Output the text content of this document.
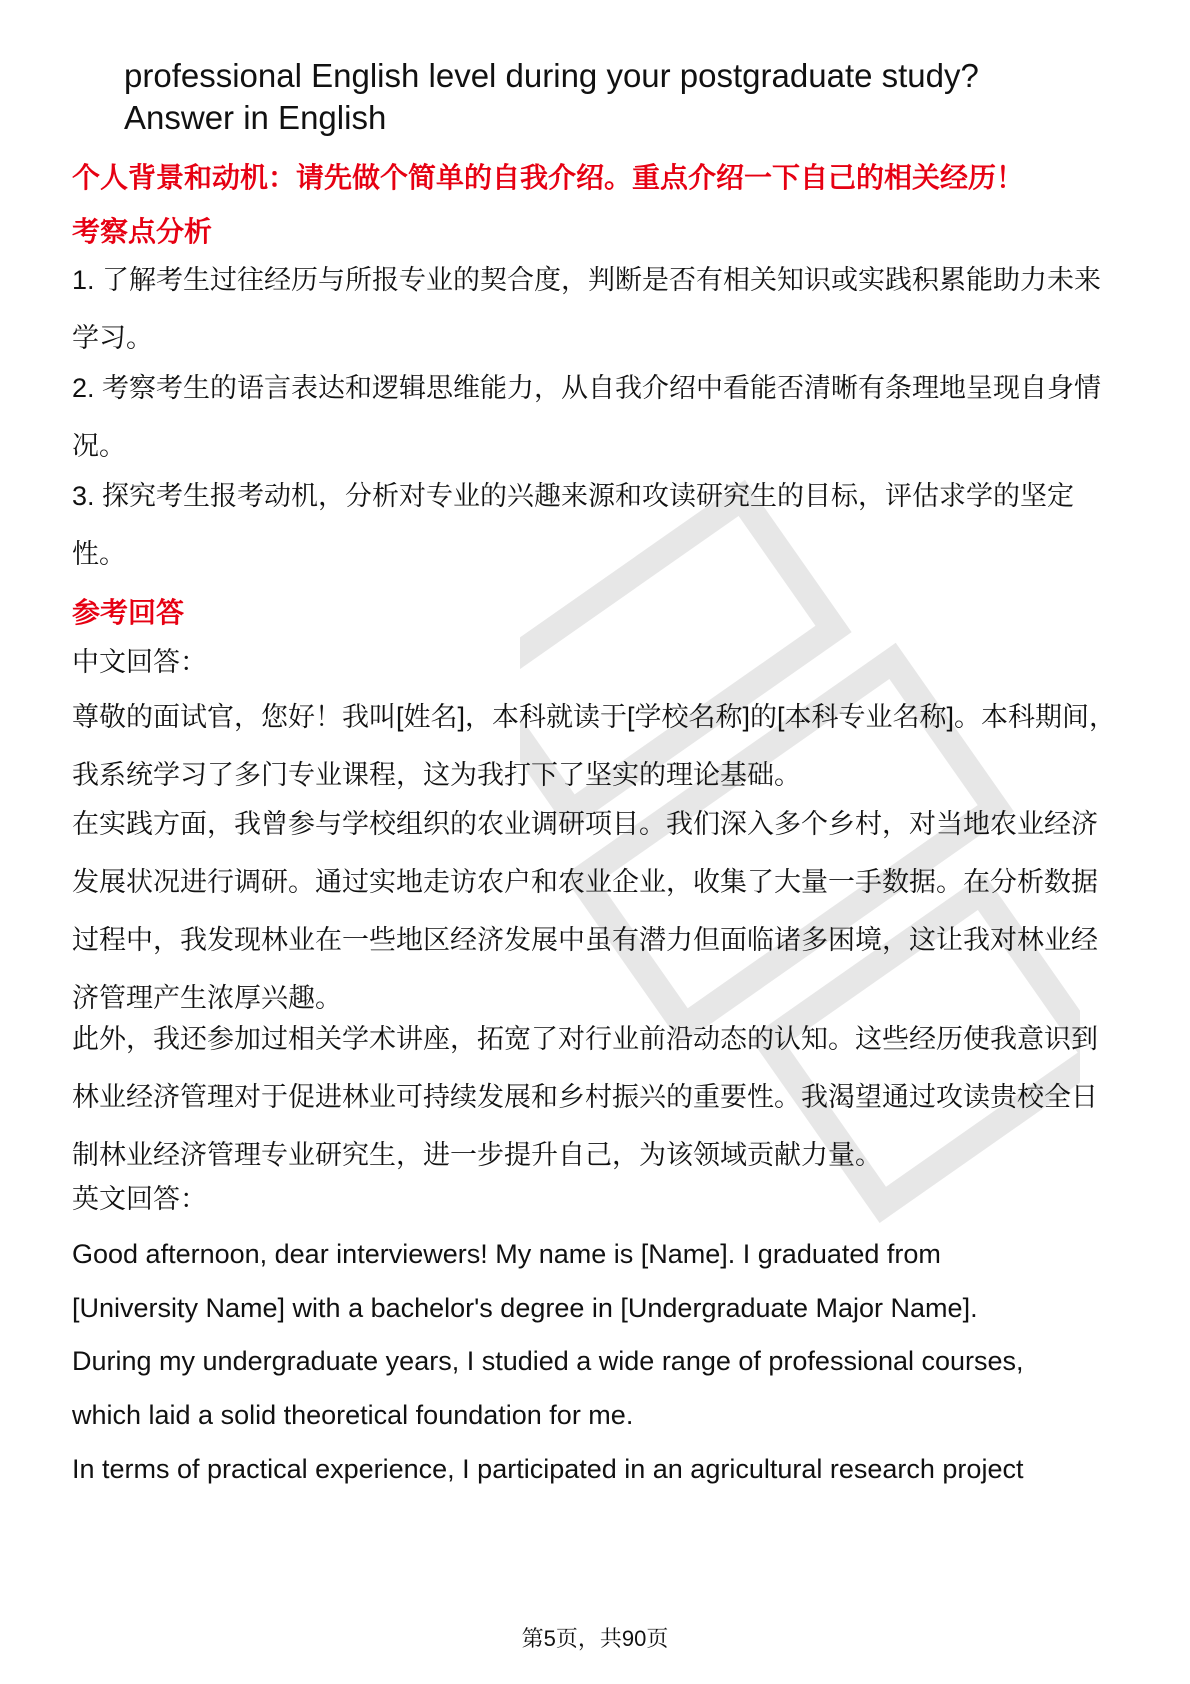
professional English level during your postgraduate study?
Answer in English
个人背景和动机：请先做个简单的自我介绍。重点介绍一下自己的相关经历！
考察点分析
1. 了解考生过往经历与所报专业的契合度，判断是否有相关知识或实践积累能助力未来学习。
2. 考察考生的语言表达和逻辑思维能力，从自我介绍中看能否清晰有条理地呈现自身情况。
3. 探究考生报考动机，分析对专业的兴趣来源和攻读研究生的目标，评估求学的坚定性。
参考回答
中文回答：
尊敬的面试官，您好！我叫[姓名]，本科就读于[学校名称]的[本科专业名称]。本科期间，我系统学习了多门专业课程，这为我打下了坚实的理论基础。
在实践方面，我曾参与学校组织的农业调研项目。我们深入多个乡村，对当地农业经济发展状况进行调研。通过实地走访农户和农业企业，收集了大量一手数据。在分析数据过程中，我发现林业在一些地区经济发展中虽有潜力但面临诸多困境，这让我对林业经济管理产生浓厚兴趣。
此外，我还参加过相关学术讲座，拓宽了对行业前沿动态的认知。这些经历使我意识到林业经济管理对于促进林业可持续发展和乡村振兴的重要性。我渴望通过攻读贵校全日制林业经济管理专业研究生，进一步提升自己，为该领域贡献力量。
英文回答：
Good afternoon, dear interviewers! My name is [Name]. I graduated from
[University Name] with a bachelor's degree in [Undergraduate Major Name].
During my undergraduate years, I studied a wide range of professional courses,
which laid a solid theoretical foundation for me.
In terms of practical experience, I participated in an agricultural research project
第5页，共90页
